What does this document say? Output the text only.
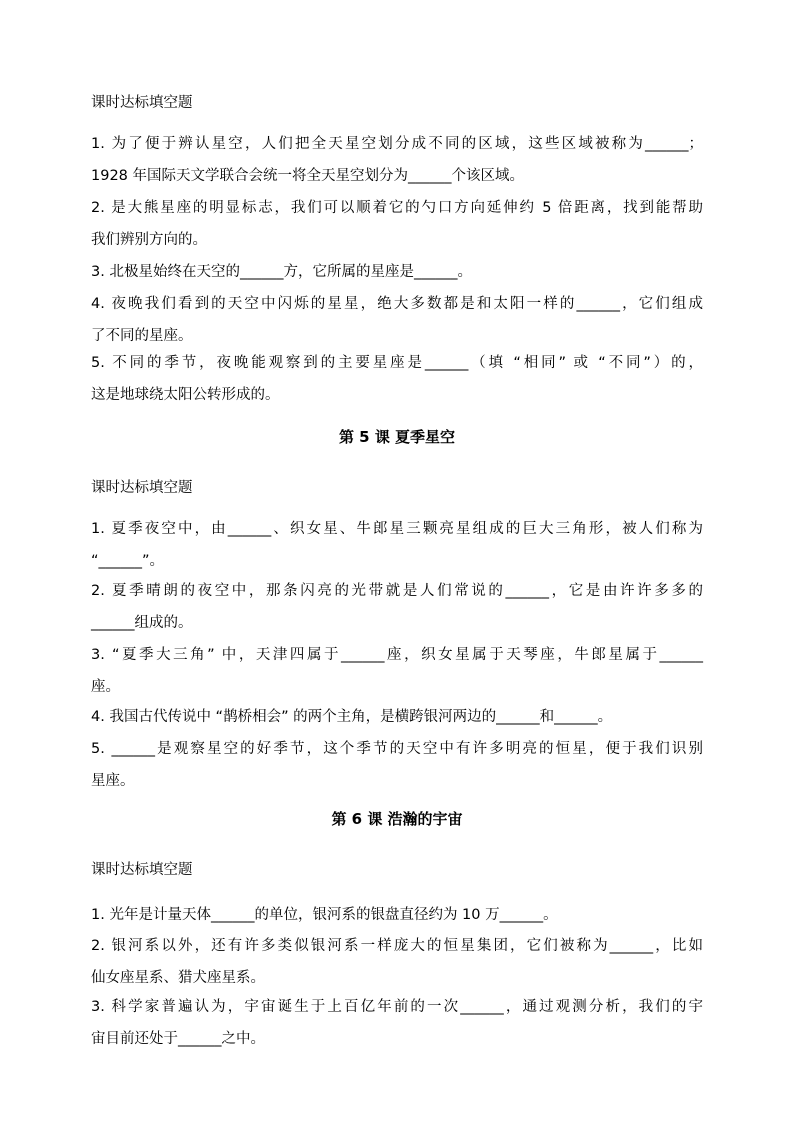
课时达标填空题
1. 为了便于辨认星空，人们把全天星空划分成不同的区域，这些区域被称为______；
1928 年国际天文学联合会统一将全天星空划分为______个该区域。
2. 是大熊星座的明显标志，我们可以顺着它的勺口方向延伸约 5 倍距离，找到能帮助
我们辨别方向的。
3. 北极星始终在天空的______方，它所属的星座是______。
4. 夜晚我们看到的天空中闪烁的星星，绝大多数都是和太阳一样的______，它们组成
了不同的星座。
5. 不同的季节，夜晚能观察到的主要星座是______（填 “相同” 或 “不同”）的，
这是地球绕太阳公转形成的。
第 5 课 夏季星空
课时达标填空题
1. 夏季夜空中，由______、织女星、牛郎星三颗亮星组成的巨大三角形，被人们称为
“______”。
2. 夏季晴朗的夜空中，那条闪亮的光带就是人们常说的______，它是由许许多多的
______组成的。
3. “夏季大三角” 中，天津四属于______座，织女星属于天琴座，牛郎星属于______
座。
4. 我国古代传说中 “鹊桥相会” 的两个主角，是横跨银河两边的______和______。
5. ______是观察星空的好季节，这个季节的天空中有许多明亮的恒星，便于我们识别
星座。
第 6 课 浩瀚的宇宙
课时达标填空题
1. 光年是计量天体______的单位，银河系的银盘直径约为 10 万______。
2. 银河系以外，还有许多类似银河系一样庞大的恒星集团，它们被称为______，比如
仙女座星系、猎犬座星系。
3. 科学家普遍认为，宇宙诞生于上百亿年前的一次______，通过观测分析，我们的宇
宙目前还处于______之中。
